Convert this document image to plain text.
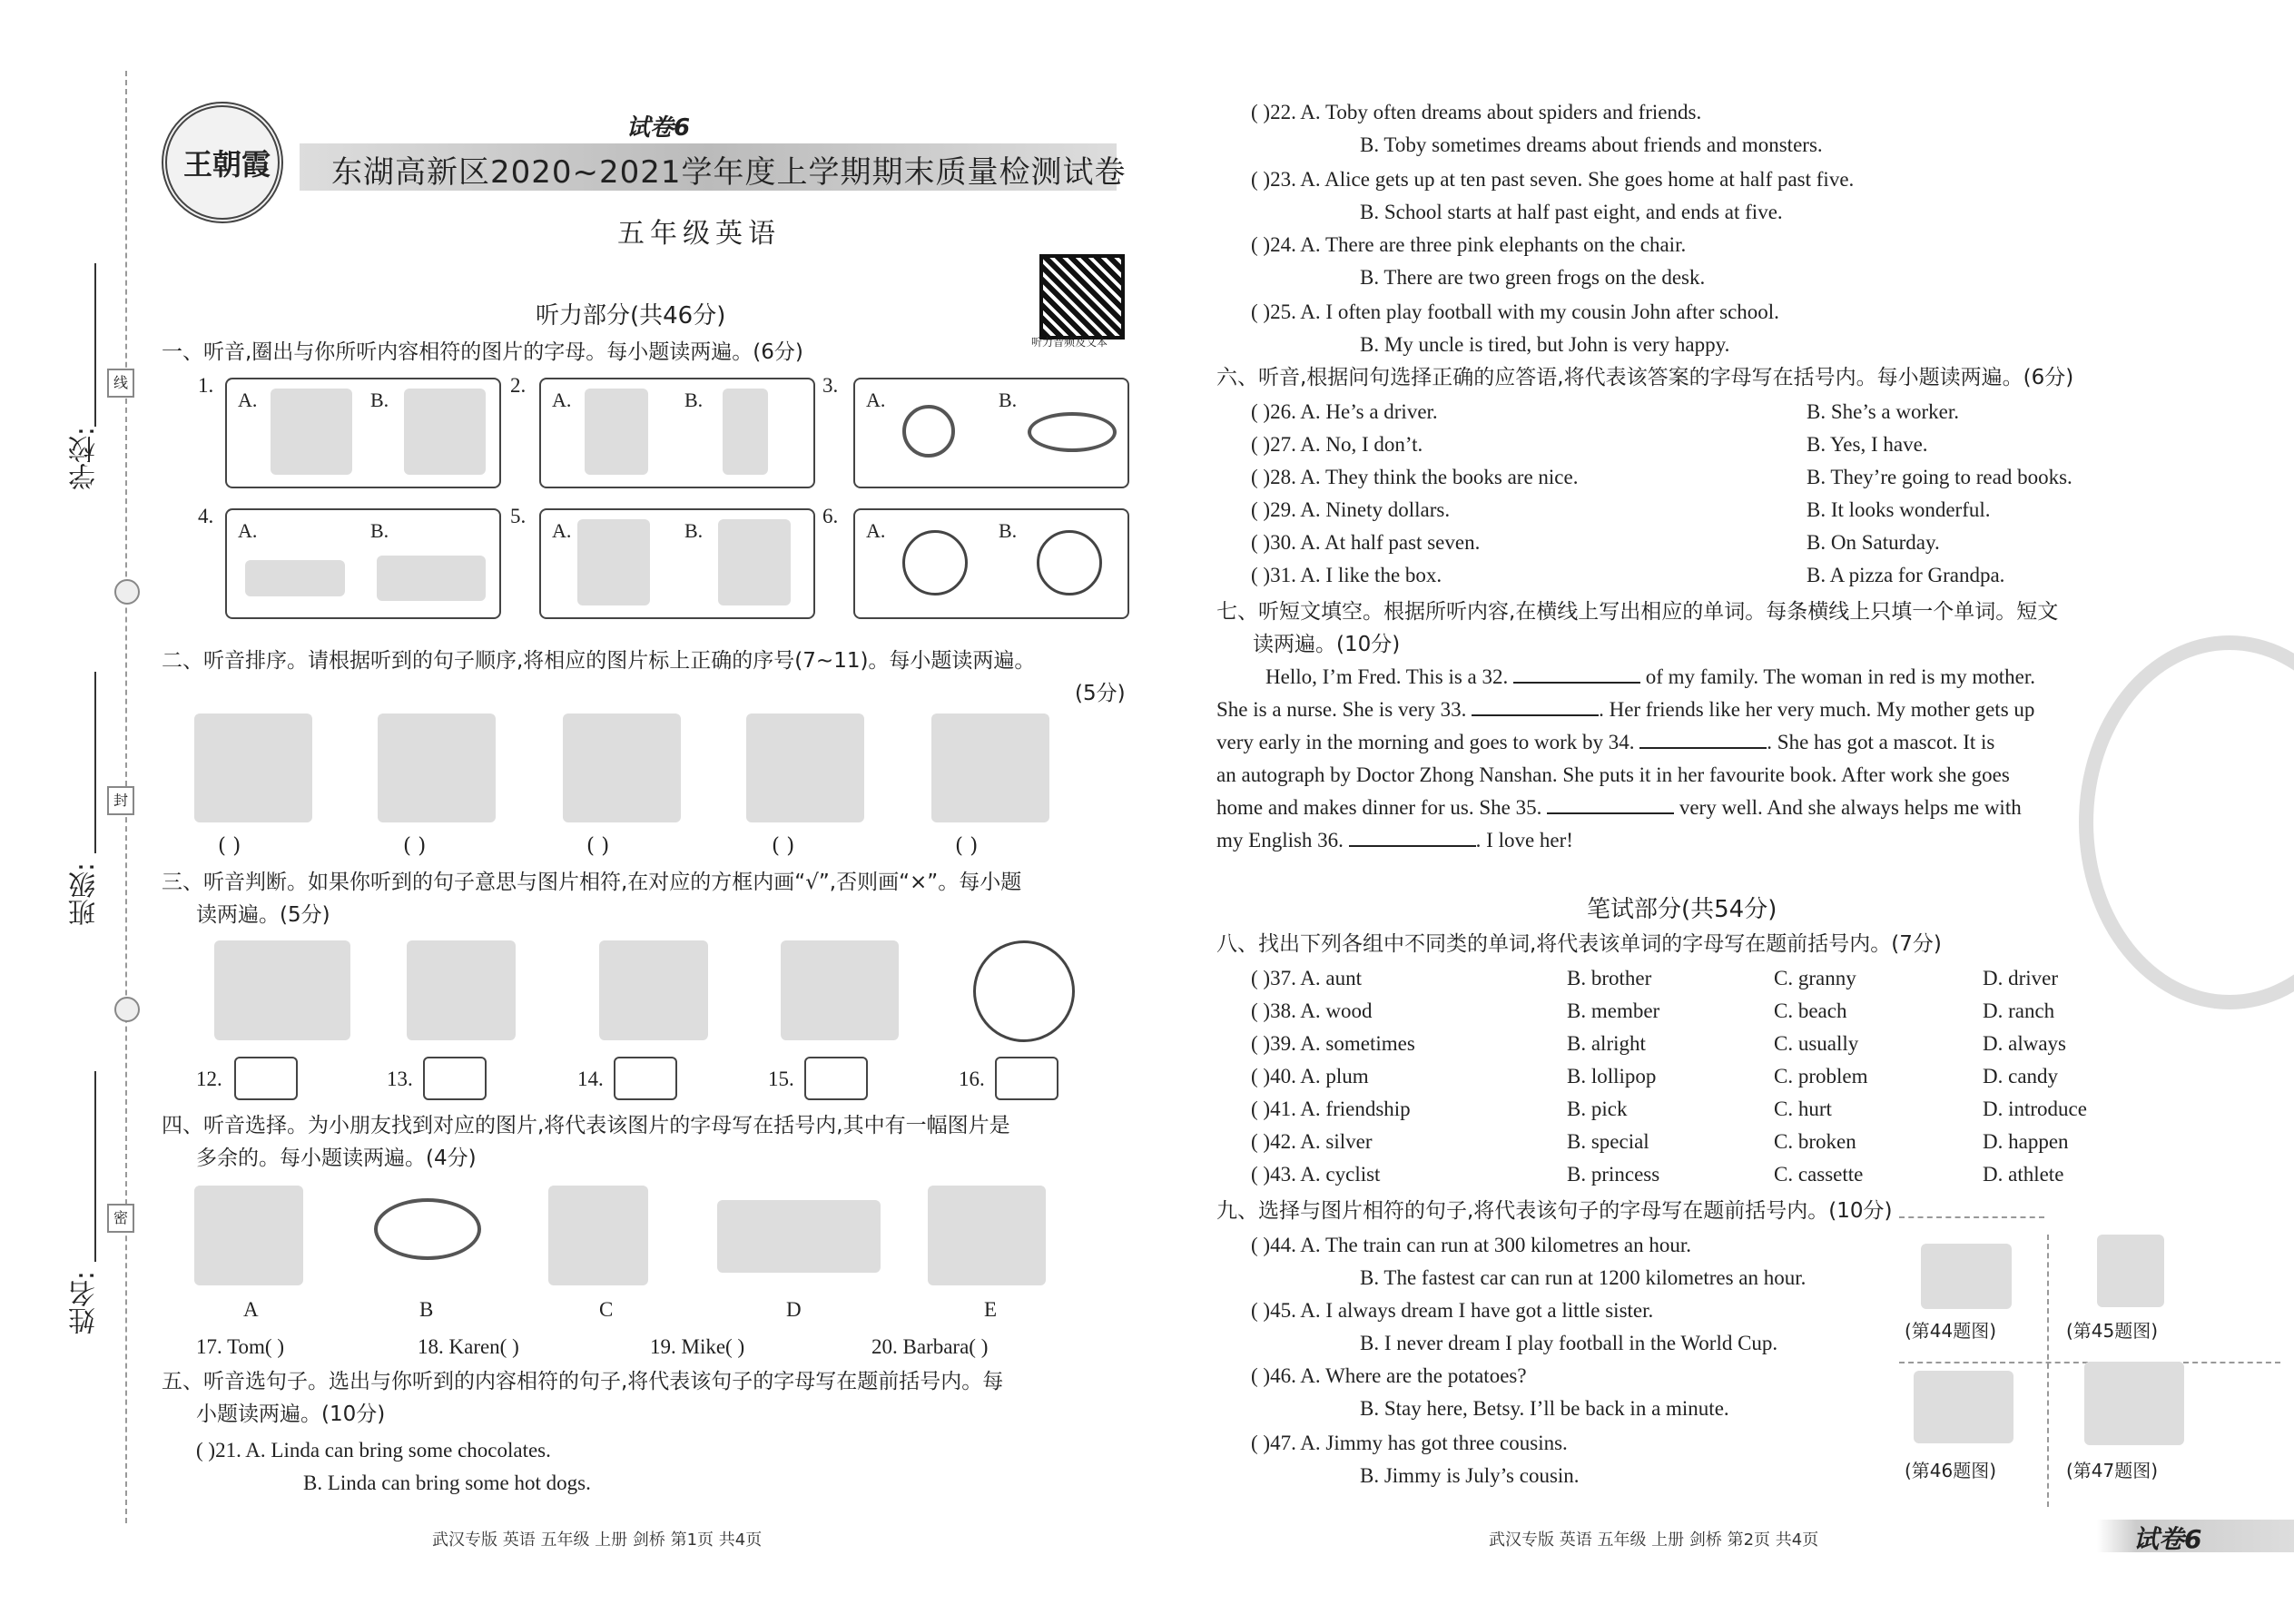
学校:
班级:
姓名:
线
封
密
王朝霞
试卷6
东湖高新区2020~2021学年度上学期期末质量检测试卷
五年级英语
听力音频及文本
听力部分(共46分)
一、听音,圈出与你所听内容相符的图片的字母。每小题读两遍。(6分)
1.
A.	B.
2.
A.	B.
3.
A.	B.
4.
A.	B.
5.
A.	B.
6.
A.	B.
二、听音排序。请根据听到的句子顺序,将相应的图片标上正确的序号(7~11)。每小题读两遍。
(5分)
( )	( )	( )	( )	( )
三、听音判断。如果你听到的句子意思与图片相符,在对应的方框内画“√”,否则画“×”。每小题
读两遍。(5分)
12.	13.	14.	15.	16.
四、听音选择。为小朋友找到对应的图片,将代表该图片的字母写在括号内,其中有一幅图片是
多余的。每小题读两遍。(4分)
A	B	C	D	E
17. Tom( )	18. Karen( )	19. Mike( )	20. Barbara( )
五、听音选句子。选出与你听到的内容相符的句子,将代表该句子的字母写在题前括号内。每
小题读两遍。(10分)
( )21. A. Linda can bring some chocolates.
B. Linda can bring some hot dogs.
武汉专版 英语 五年级 上册 剑桥 第1页 共4页
( )22. A. Toby often dreams about spiders and friends.
B. Toby sometimes dreams about friends and monsters.
( )23. A. Alice gets up at ten past seven. She goes home at half past five.
B. School starts at half past eight, and ends at five.
( )24. A. There are three pink elephants on the chair.
B. There are two green frogs on the desk.
( )25. A. I often play football with my cousin John after school.
B. My uncle is tired, but John is very happy.
六、听音,根据问句选择正确的应答语,将代表该答案的字母写在括号内。每小题读两遍。(6分)
( )26. A. He’s a driver.	B. She’s a worker.
( )27. A. No, I don’t.	B. Yes, I have.
( )28. A. They think the books are nice.	B. They’re going to read books.
( )29. A. Ninety dollars.	B. It looks wonderful.
( )30. A. At half past seven.	B. On Saturday.
( )31. A. I like the box.	B. A pizza for Grandpa.
七、听短文填空。根据所听内容,在横线上写出相应的单词。每条横线上只填一个单词。短文
读两遍。(10分)
Hello, I’m Fred. This is a 32.	of my family. The woman in red is my mother.
She is a nurse. She is very 33.	. Her friends like her very much. My mother gets up
very early in the morning and goes to work by 34.	. She has got a mascot. It is
an autograph by Doctor Zhong Nanshan. She puts it in her favourite book. After work she goes
home and makes dinner for us. She 35.	very well. And she always helps me with
my English 36.	. I love her!
笔试部分(共54分)
八、找出下列各组中不同类的单词,将代表该单词的字母写在题前括号内。(7分)
( )37. A. aunt	B. brother	C. granny	D. driver
( )38. A. wood	B. member	C. beach	D. ranch
( )39. A. sometimes	B. alright	C. usually	D. always
( )40. A. plum	B. lollipop	C. problem	D. candy
( )41. A. friendship	B. pick	C. hurt	D. introduce
( )42. A. silver	B. special	C. broken	D. happen
( )43. A. cyclist	B. princess	C. cassette	D. athlete
九、选择与图片相符的句子,将代表该句子的字母写在题前括号内。(10分)
( )44. A. The train can run at 300 kilometres an hour.
B. The fastest car can run at 1200 kilometres an hour.
( )45. A. I always dream I have got a little sister.
B. I never dream I play football in the World Cup.
( )46. A. Where are the potatoes?
B. Stay here, Betsy. I’ll be back in a minute.
( )47. A. Jimmy has got three cousins.
B. Jimmy is July’s cousin.
(第44题图)	(第45题图)
(第46题图)	(第47题图)
武汉专版 英语 五年级 上册 剑桥 第2页 共4页	试卷6
